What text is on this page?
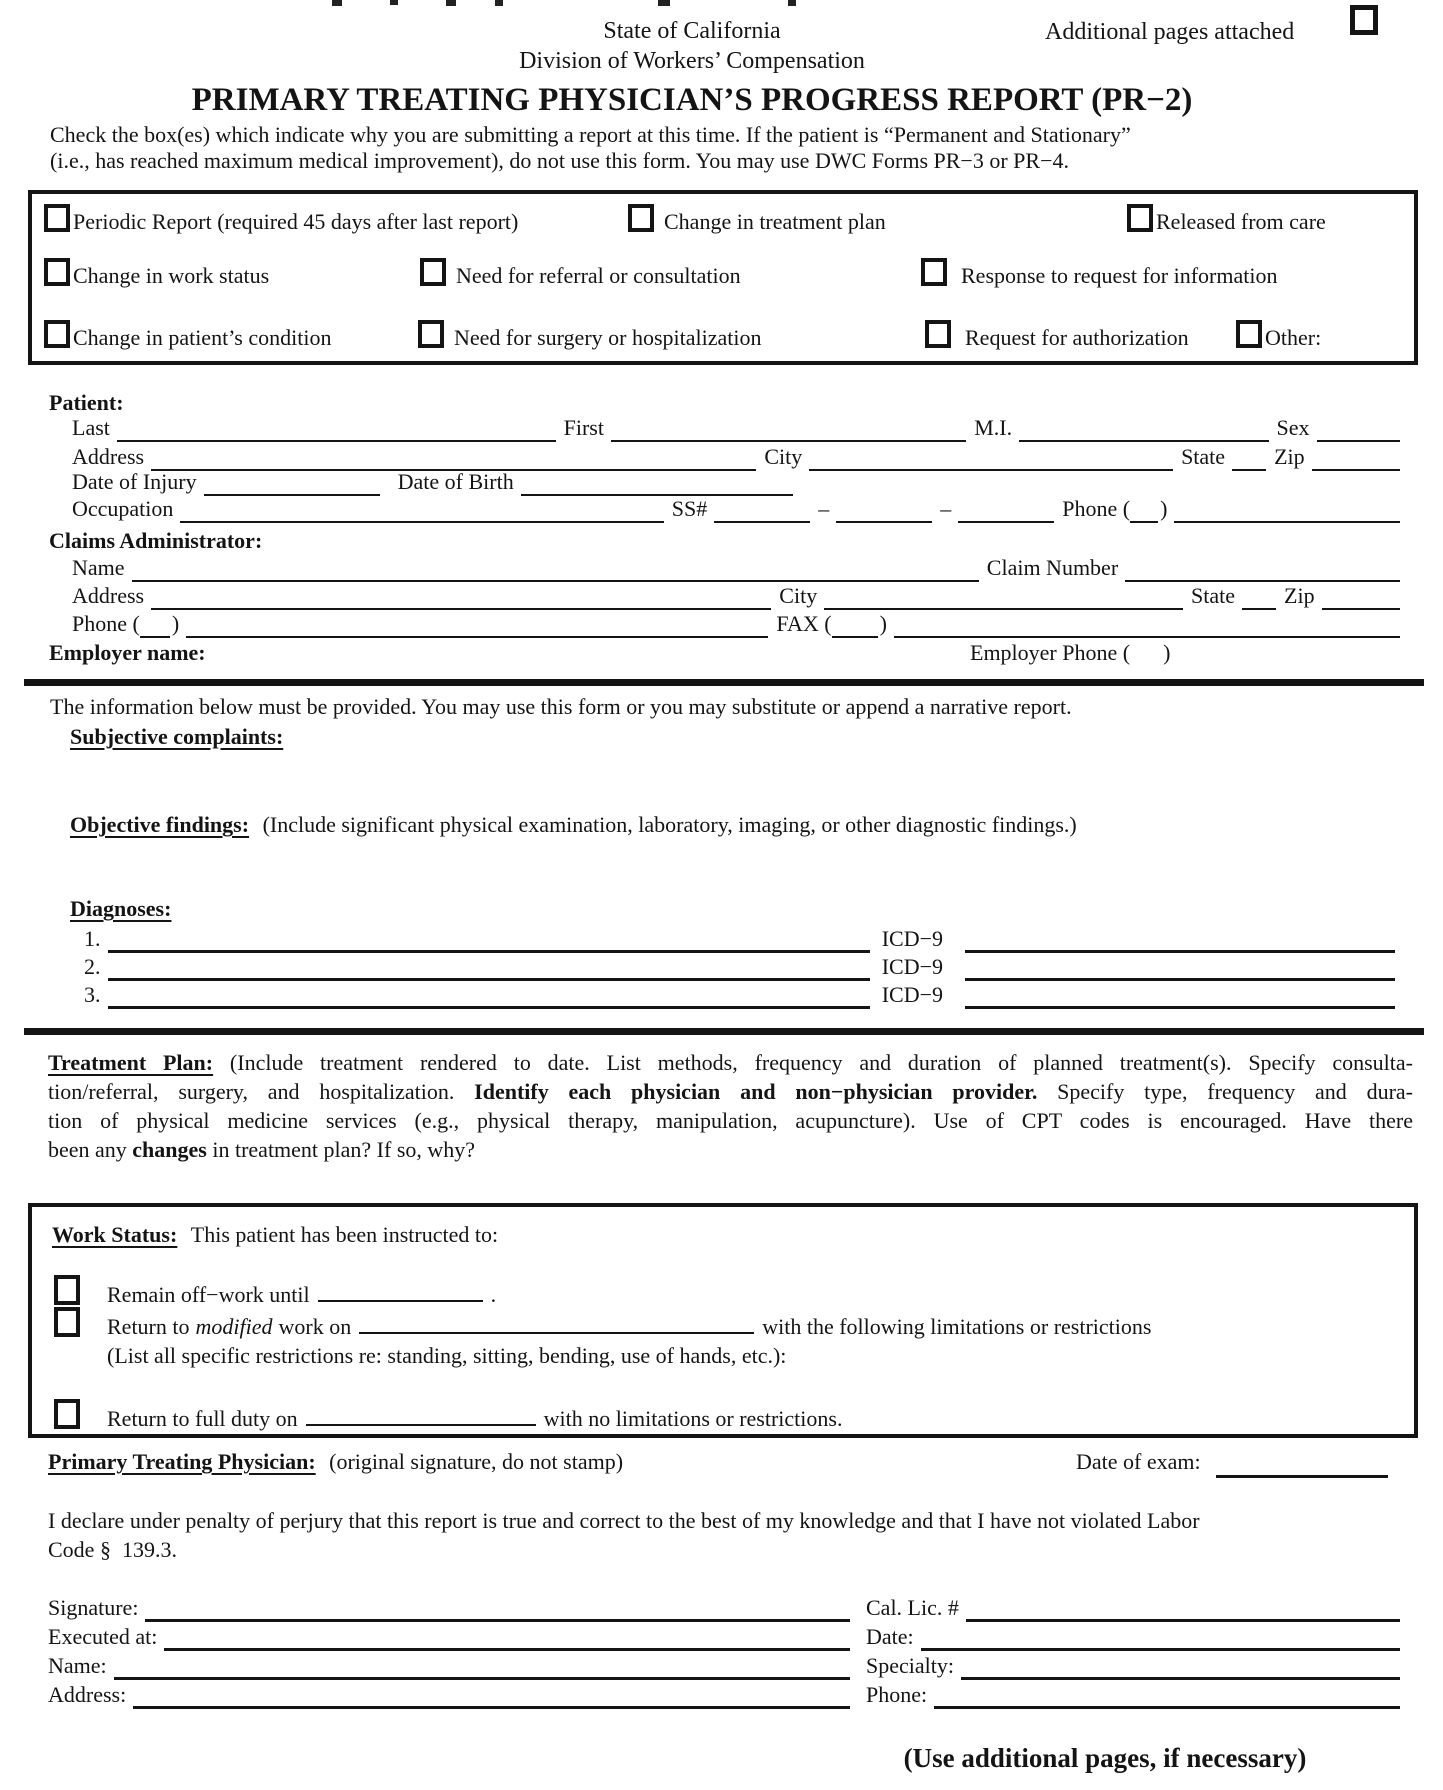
State of California
Division of Workers’ Compensation
PRIMARY TREATING PHYSICIAN’S PROGRESS REPORT (PR−2)
Additional pages attached
Check the box(es) which indicate why you are submitting a report at this time. If the patient is “Permanent and Stationary”
(i.e., has reached maximum medical improvement), do not use this form. You may use DWC Forms PR−3 or PR−4.
Periodic Report (required 45 days after last report)	Change in treatment plan	Released from care
Change in work status	Need for referral or consultation	Response to request for information
Change in patient’s condition	Need for surgery or hospitalization	Request for authorization	Other:
Patient:
Last	First	M.I.	Sex
Address	City	State Zip
Date of Injury	Date of Birth
Occupation	SS#	–	–	Phone ( )
Claims Administrator:
Name	Claim Number
Address	City	State Zip
Phone ( )	FAX ( )
Employer name:	Employer Phone (      )
The information below must be provided. You may use this form or you may substitute or append a narrative report.
Subjective complaints:
Objective findings: (Include significant physical examination, laboratory, imaging, or other diagnostic findings.)
Diagnoses:
1.	ICD−9
2.	ICD−9
3.	ICD−9
Treatment Plan: (Include treatment rendered to date. List methods, frequency and duration of planned treatment(s). Specify consulta-
tion/referral, surgery, and hospitalization. Identify each physician and non−physician provider. Specify type, frequency and dura-
tion of physical medicine services (e.g., physical therapy, manipulation, acupuncture). Use of CPT codes is encouraged. Have there
been any changes in treatment plan? If so, why?
Work Status: This patient has been instructed to:
Remain off−work until	.
Return to modified work on	with the following limitations or restrictions
(List all specific restrictions re: standing, sitting, bending, use of hands, etc.):
Return to full duty on	with no limitations or restrictions.
Primary Treating Physician: (original signature, do not stamp)	Date of exam:
I declare under penalty of perjury that this report is true and correct to the best of my knowledge and that I have not violated Labor
Code §  139.3.
Signature:	Cal. Lic. #
Executed at:	Date:
Name:	Specialty:
Address:	Phone:
(Use additional pages, if necessary)
